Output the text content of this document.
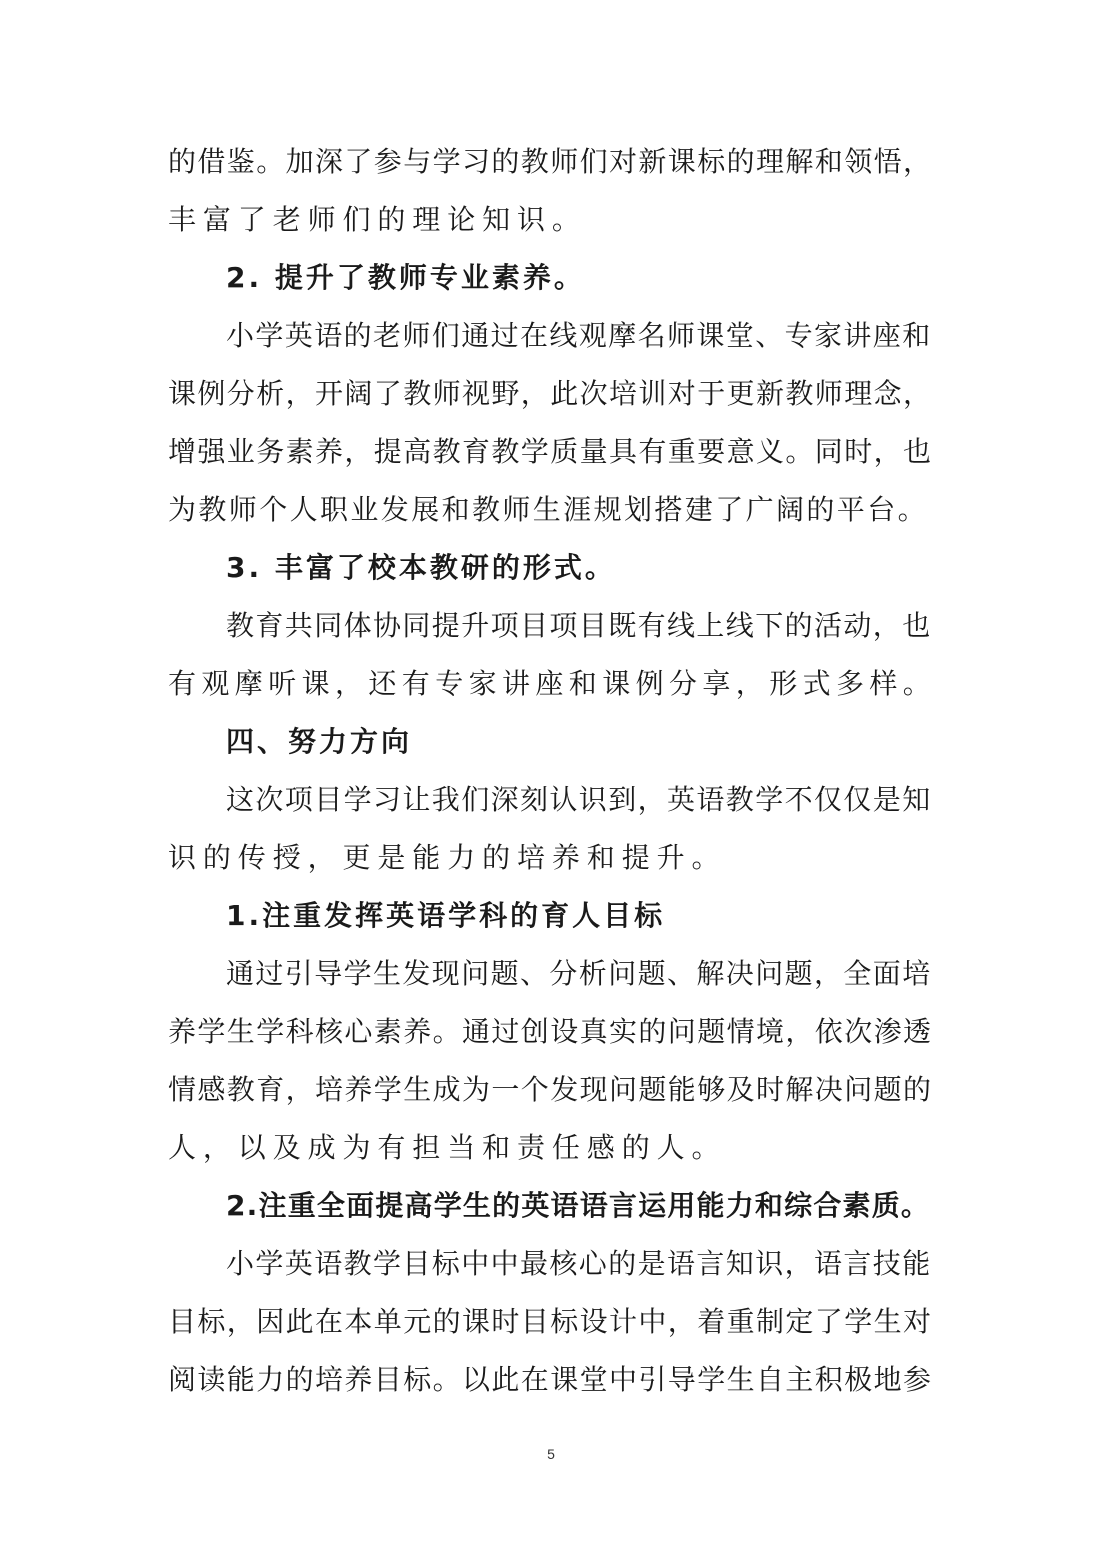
的借鉴。加深了参与学习的教师们对新课标的理解和领悟，
丰富了老师们的理论知识。
2. 提升了教师专业素养。
小学英语的老师们通过在线观摩名师课堂、专家讲座和
课例分析，开阔了教师视野，此次培训对于更新教师理念，
增强业务素养，提高教育教学质量具有重要意义。同时，也
为教师个人职业发展和教师生涯规划搭建了广阔的平台。
3. 丰富了校本教研的形式。
教育共同体协同提升项目项目既有线上线下的活动，也
有观摩听课，还有专家讲座和课例分享，形式多样。
四、努力方向
这次项目学习让我们深刻认识到，英语教学不仅仅是知
识的传授，更是能力的培养和提升。
1.注重发挥英语学科的育人目标
通过引导学生发现问题、分析问题、解决问题，全面培
养学生学科核心素养。通过创设真实的问题情境，依次渗透
情感教育，培养学生成为一个发现问题能够及时解决问题的
人，以及成为有担当和责任感的人。
2.注重全面提高学生的英语语言运用能力和综合素质。
小学英语教学目标中中最核心的是语言知识，语言技能
目标，因此在本单元的课时目标设计中，着重制定了学生对
阅读能力的培养目标。以此在课堂中引导学生自主积极地参
5
